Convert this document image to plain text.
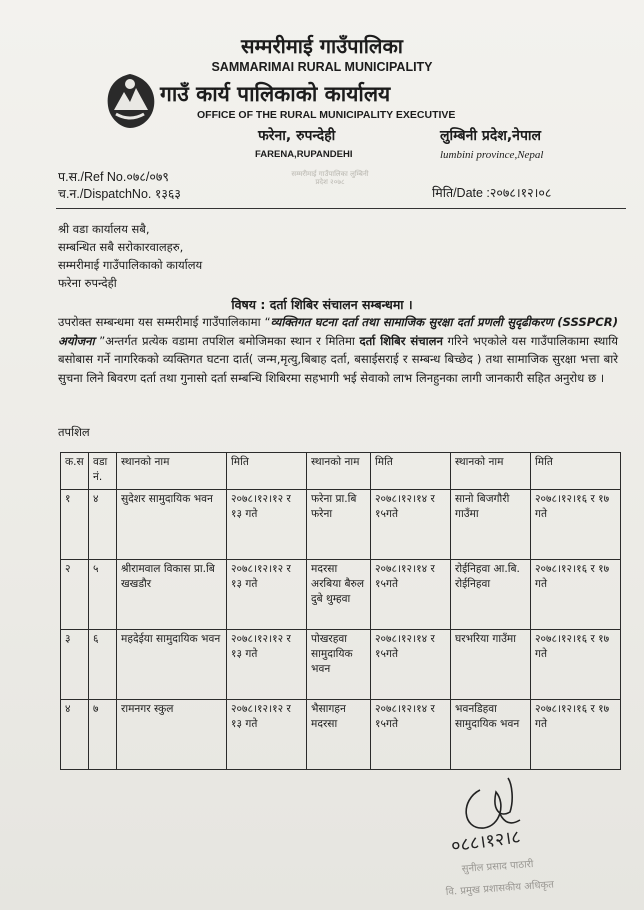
सम्मरीमाई गाउँपालिका
SAMMARIMAI RURAL MUNICIPALITY
गाउँ कार्य पालिकाको कार्यालय
OFFICE OF THE RURAL MUNICIPALITY EXECUTIVE
फरेना, रुपन्देही
FARENA,RUPANDEHI
लुम्बिनी प्रदेश,नेपाल
lumbini province,Nepal
प.स./Ref No.०७८/०७९
च.न./DispatchNo. १३६३
सम्मरीमाई गाउँपालिका लुम्बिनी प्रदेश २०७८
मिति/Date :२०७८।१२।०८
श्री वडा कार्यालय सबै,
सम्बन्धित सबै सरोकारवालहरु,
सम्मरीमाई गाउँपालिकाको कार्यालय
फरेना रुपन्देही
विषय : दर्ता शिबिर संचालन सम्बन्धमा ।
उपरोक्त सम्बन्धमा यस सम्मरीमाई गाउँपालिकामा “व्यक्तिगत घटना दर्ता तथा सामाजिक सुरक्षा दर्ता प्रणली सुदृढीकरण (SSSPCR) अयोजना ”अन्तर्गत प्रत्येक वडामा तपशिल बमोजिमका स्थान र मितिमा दर्ता शिबिर संचालन गरिने भएकोले यस गाउँपालिकामा स्थायि बसोबास गर्ने नागरिकको व्यक्तिगत घटना दार्त( जन्म,मृत्यु,बिबाह दर्ता, बसाईसराई र सम्बन्ध बिच्छेद ) तथा सामाजिक सुरक्षा भत्ता बारे सुचना लिने बिवरण दर्ता तथा गुनासो दर्ता सम्बन्धि शिबिरमा सहभागी भई सेवाको लाभ लिनहुनका लागी जानकारी सहित अनुरोध छ ।
तपशिल
क.स	वडा नं.	स्थानको नाम	मिति	स्थानको नाम	मिति	स्थानको नाम	मिति
१	४	सुदेशर सामुदायिक भवन	२०७८।१२।१२ र १३ गते	फरेना प्रा.बि फरेना	२०७८।१२।१४ र १५गते	सानो बिजगौरी गाउँमा	२०७८।१२।१६ र १७ गते
२	५	श्रीरामवाल विकास प्रा.बि खखडौर	२०७८।१२।१२ र १३ गते	मदरसा अरबिया बैरुल दुबे थुम्हवा	२०७८।१२।१४ र १५गते	रोईनिहवा आ.बि. रोईनिहवा	२०७८।१२।१६ र १७ गते
३	६	महदेईया सामुदायिक भवन	२०७८।१२।१२ र १३ गते	पोखरहवा सामुदायिक भवन	२०७८।१२।१४ र १५गते	घरभरिया गाउँमा	२०७८।१२।१६ र १७ गते
४	७	रामनगर स्कुल	२०७८।१२।१२ र १३ गते	भैसागहन मदरसा	२०७८।१२।१४ र १५गते	भवनडिहवा सामुदायिक भवन	२०७८।१२।१६ र १७ गते
०८८।१२।८
सुनील प्रसाद पाठारी
वि. प्रमुख प्रशासकीय अधिकृत
